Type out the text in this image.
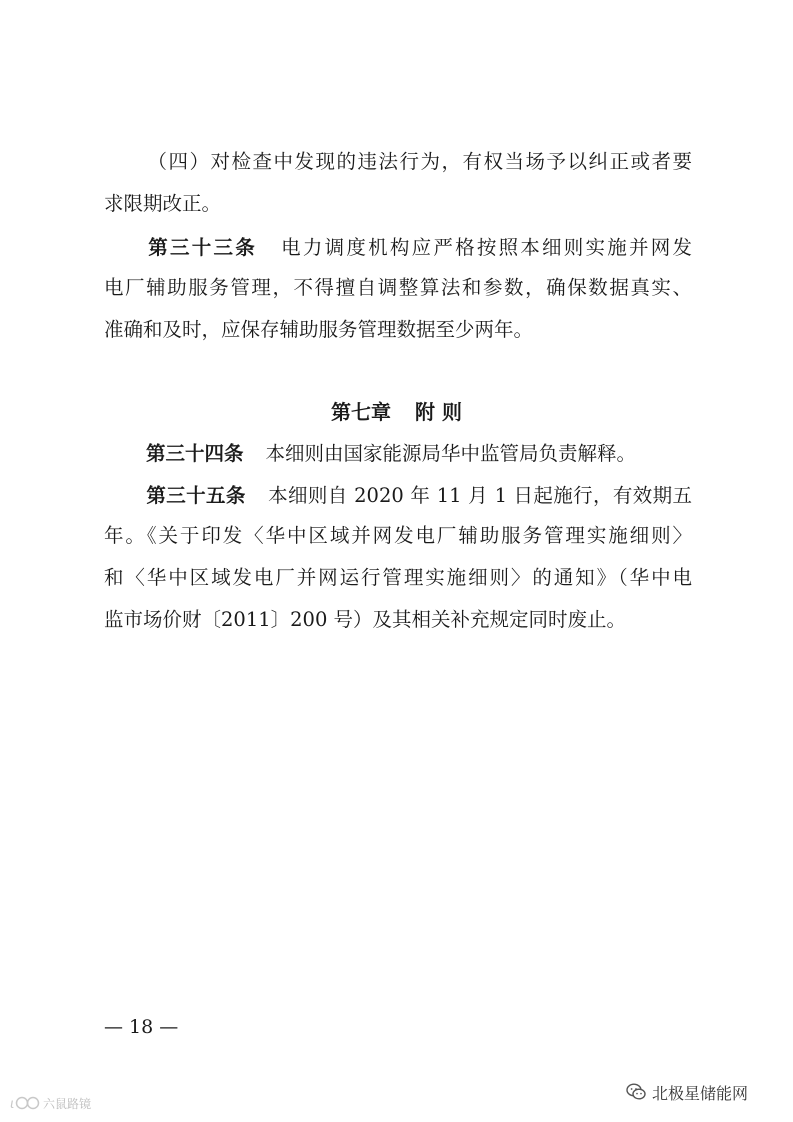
（四）对检查中发现的违法行为，有权当场予以纠正或者要
求限期改正。
第三十三条 电力调度机构应严格按照本细则实施并网发
电厂辅助服务管理，不得擅自调整算法和参数，确保数据真实、
准确和及时，应保存辅助服务管理数据至少两年。
第七章 附 则
第三十四条 本细则由国家能源局华中监管局负责解释。
第三十五条 本细则自 2020 年 11 月 1 日起施行，有效期五
年。《关于印发〈华中区域并网发电厂辅助服务管理实施细则〉
和〈华中区域发电厂并网运行管理实施细则〉的通知》（华中电
监市场价财〔2011〕200 号）及其相关补充规定同时废止。
— 18 —
北极星储能网
ι 六鼠路镜
